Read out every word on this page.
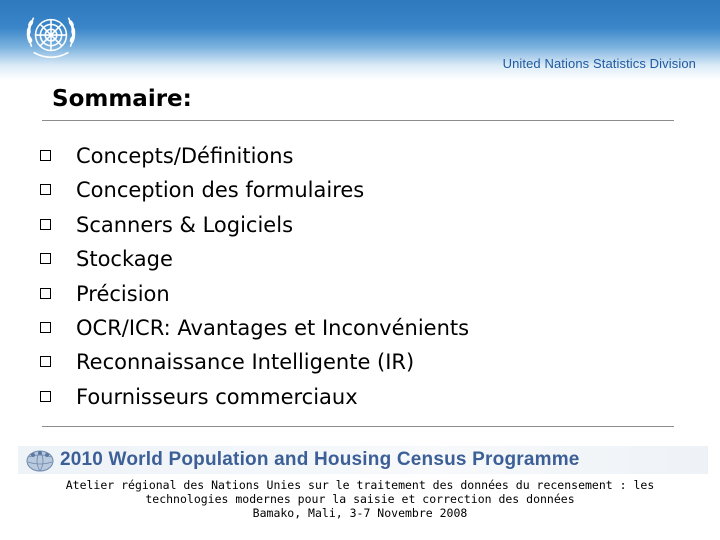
United Nations Statistics Division
Sommaire:
Concepts/Définitions
Conception des formulaires
Scanners & Logiciels
Stockage
Précision
OCR/ICR: Avantages et Inconvénients
Reconnaissance Intelligente (IR)
Fournisseurs commerciaux
2010 World Population and Housing Census Programme
Atelier régional des Nations Unies sur le traitement des données du recensement : les
technologies modernes pour la saisie et correction des données
Bamako, Mali, 3-7 Novembre 2008
